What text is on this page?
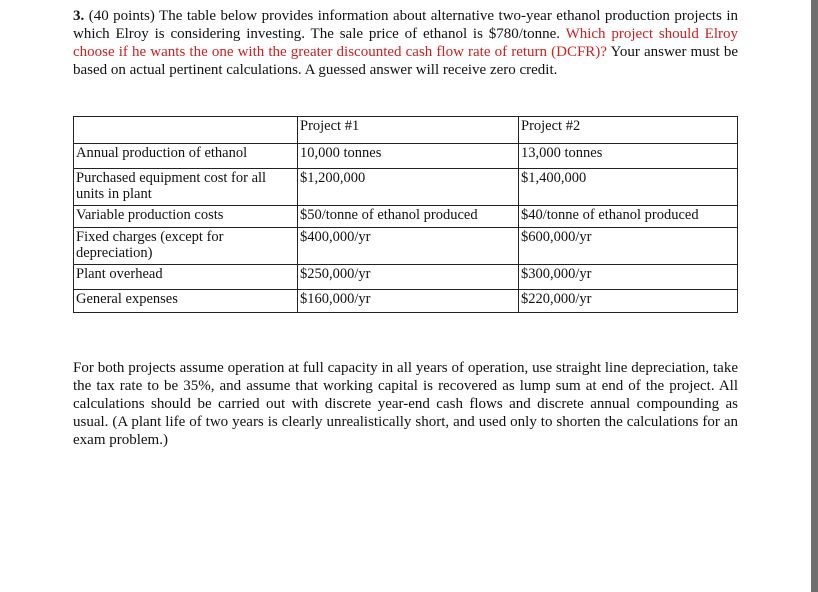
3. (40 points) The table below provides information about alternative two-year ethanol production projects in which Elroy is considering investing. The sale price of ethanol is $780/tonne. Which project should Elroy choose if he wants the one with the greater discounted cash flow rate of return (DCFR)? Your answer must be based on actual pertinent calculations. A guessed answer will receive zero credit.
	Project #1	Project #2
Annual production of ethanol	10,000 tonnes	13,000 tonnes
Purchased equipment cost for all units in plant	$1,200,000	$1,400,000
Variable production costs	$50/tonne of ethanol produced	$40/tonne of ethanol produced
Fixed charges (except for depreciation)	$400,000/yr	$600,000/yr
Plant overhead	$250,000/yr	$300,000/yr
General expenses	$160,000/yr	$220,000/yr
For both projects assume operation at full capacity in all years of operation, use straight line depreciation, take the tax rate to be 35%, and assume that working capital is recovered as lump sum at end of the project. All calculations should be carried out with discrete year-end cash flows and discrete annual compounding as usual. (A plant life of two years is clearly unrealistically short, and used only to shorten the calculations for an exam problem.)
